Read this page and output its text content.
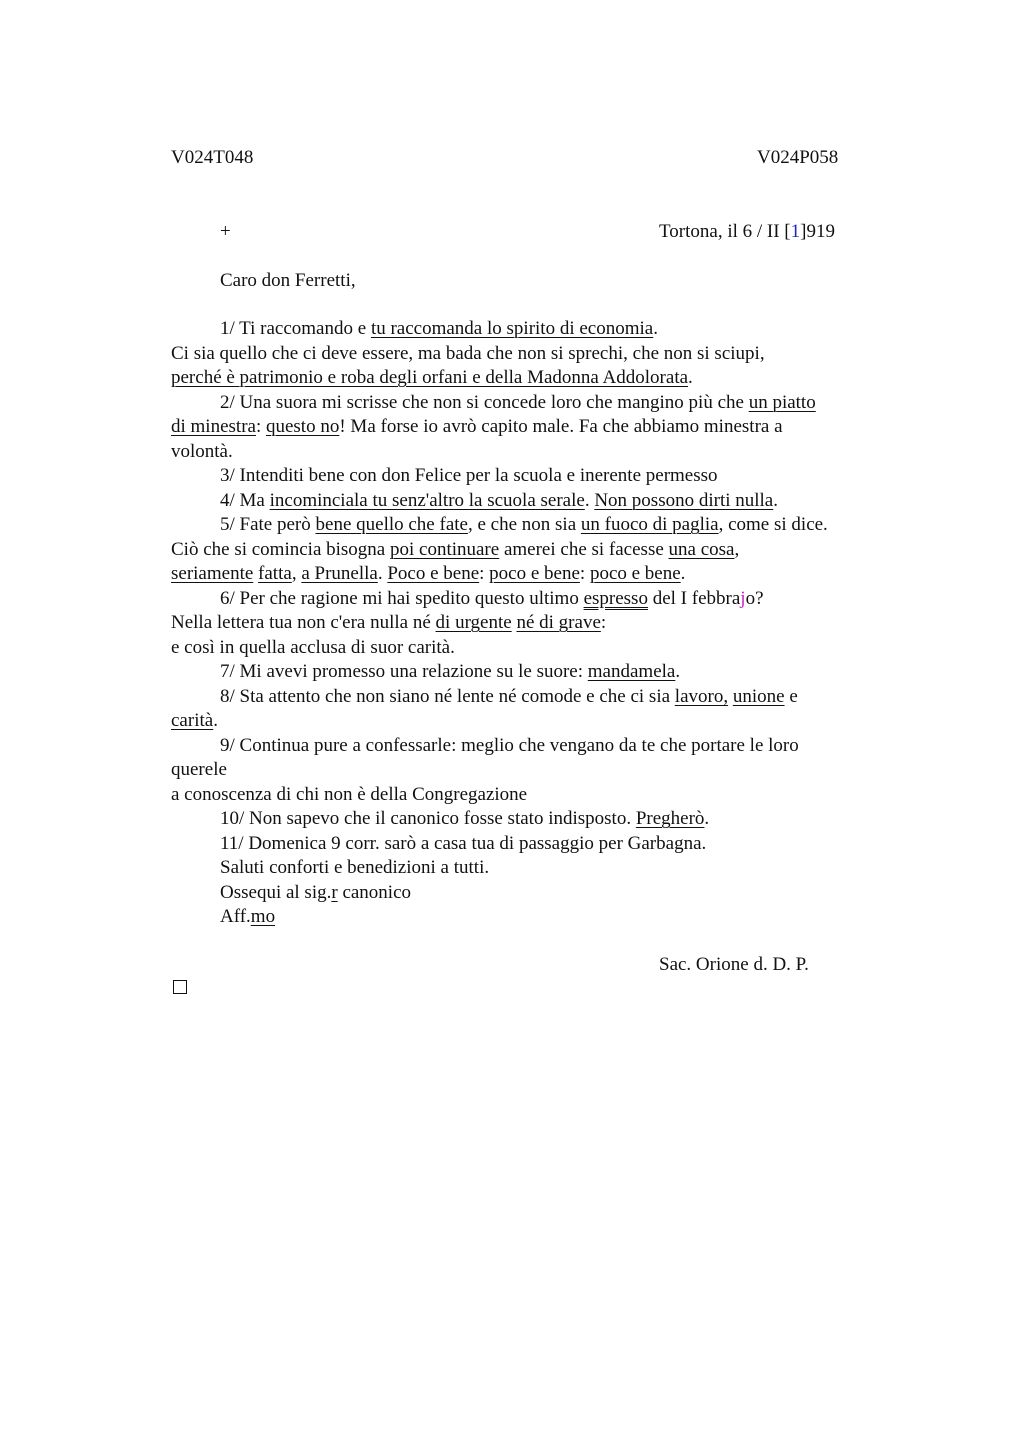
V024T048	V024P058
+	Tortona, il 6 / II [1]919
Caro don Ferretti,
1/ Ti raccomando e tu raccomanda lo spirito di economia.
Ci sia quello che ci deve essere, ma bada che non si sprechi, che non si sciupi,
perché è patrimonio e roba degli orfani e della Madonna Addolorata.
2/ Una suora mi scrisse che non si concede loro che mangino più che un piatto
di minestra: questo no! Ma forse io avrò capito male. Fa che abbiamo minestra a
volontà.
3/ Intenditi bene con don Felice per la scuola e inerente permesso
4/ Ma incominciala tu senz'altro la scuola serale. Non possono dirti nulla.
5/ Fate però bene quello che fate, e che non sia un fuoco di paglia, come si dice.
Ciò che si comincia bisogna poi continuare amerei che si facesse una cosa,
seriamente fatta, a Prunella. Poco e bene: poco e bene: poco e bene.
6/ Per che ragione mi hai spedito questo ultimo espresso del I febbrajo?
Nella lettera tua non c'era nulla né di urgente né di grave:
e così in quella acclusa di suor carità.
7/ Mi avevi promesso una relazione su le suore: mandamela.
8/ Sta attento che non siano né lente né comode e che ci sia lavoro, unione e
carità.
9/ Continua pure a confessarle: meglio che vengano da te che portare le loro
querele
a conoscenza di chi non è della Congregazione
10/ Non sapevo che il canonico fosse stato indisposto. Pregherò.
11/ Domenica 9 corr. sarò a casa tua di passaggio per Garbagna.
Saluti conforti e benedizioni a tutti.
Ossequi al sig.r canonico
Aff.mo
Sac. Orione d. D. P.
